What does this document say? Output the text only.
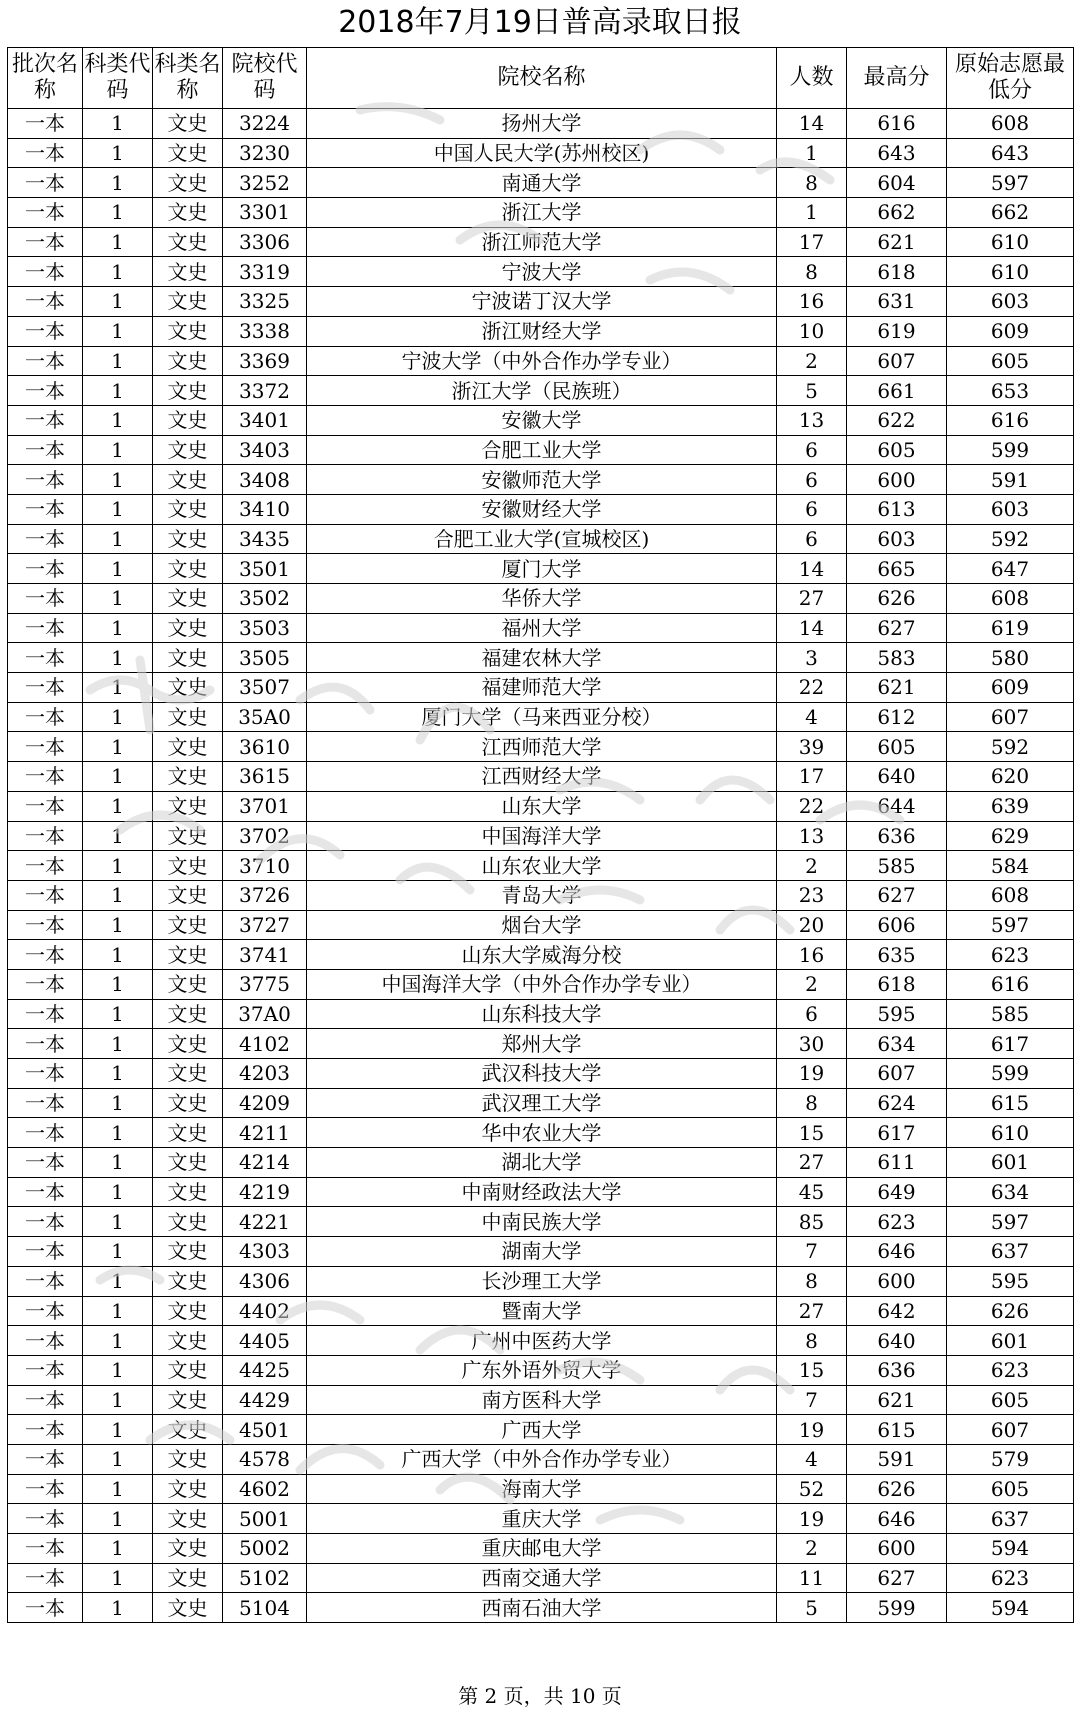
2018年7月19日普高录取日报
批次名称	科类代码	科类名称	院校代码	院校名称	人数	最高分	原始志愿最低分
一本	1	文史	3224	扬州大学	14	616	608
一本	1	文史	3230	中国人民大学(苏州校区)	1	643	643
一本	1	文史	3252	南通大学	8	604	597
一本	1	文史	3301	浙江大学	1	662	662
一本	1	文史	3306	浙江师范大学	17	621	610
一本	1	文史	3319	宁波大学	8	618	610
一本	1	文史	3325	宁波诺丁汉大学	16	631	603
一本	1	文史	3338	浙江财经大学	10	619	609
一本	1	文史	3369	宁波大学（中外合作办学专业）	2	607	605
一本	1	文史	3372	浙江大学（民族班）	5	661	653
一本	1	文史	3401	安徽大学	13	622	616
一本	1	文史	3403	合肥工业大学	6	605	599
一本	1	文史	3408	安徽师范大学	6	600	591
一本	1	文史	3410	安徽财经大学	6	613	603
一本	1	文史	3435	合肥工业大学(宣城校区)	6	603	592
一本	1	文史	3501	厦门大学	14	665	647
一本	1	文史	3502	华侨大学	27	626	608
一本	1	文史	3503	福州大学	14	627	619
一本	1	文史	3505	福建农林大学	3	583	580
一本	1	文史	3507	福建师范大学	22	621	609
一本	1	文史	35A0	厦门大学（马来西亚分校）	4	612	607
一本	1	文史	3610	江西师范大学	39	605	592
一本	1	文史	3615	江西财经大学	17	640	620
一本	1	文史	3701	山东大学	22	644	639
一本	1	文史	3702	中国海洋大学	13	636	629
一本	1	文史	3710	山东农业大学	2	585	584
一本	1	文史	3726	青岛大学	23	627	608
一本	1	文史	3727	烟台大学	20	606	597
一本	1	文史	3741	山东大学威海分校	16	635	623
一本	1	文史	3775	中国海洋大学（中外合作办学专业）	2	618	616
一本	1	文史	37A0	山东科技大学	6	595	585
一本	1	文史	4102	郑州大学	30	634	617
一本	1	文史	4203	武汉科技大学	19	607	599
一本	1	文史	4209	武汉理工大学	8	624	615
一本	1	文史	4211	华中农业大学	15	617	610
一本	1	文史	4214	湖北大学	27	611	601
一本	1	文史	4219	中南财经政法大学	45	649	634
一本	1	文史	4221	中南民族大学	85	623	597
一本	1	文史	4303	湖南大学	7	646	637
一本	1	文史	4306	长沙理工大学	8	600	595
一本	1	文史	4402	暨南大学	27	642	626
一本	1	文史	4405	广州中医药大学	8	640	601
一本	1	文史	4425	广东外语外贸大学	15	636	623
一本	1	文史	4429	南方医科大学	7	621	605
一本	1	文史	4501	广西大学	19	615	607
一本	1	文史	4578	广西大学（中外合作办学专业）	4	591	579
一本	1	文史	4602	海南大学	52	626	605
一本	1	文史	5001	重庆大学	19	646	637
一本	1	文史	5002	重庆邮电大学	2	600	594
一本	1	文史	5102	西南交通大学	11	627	623
一本	1	文史	5104	西南石油大学	5	599	594
第 2 页，共 10 页
